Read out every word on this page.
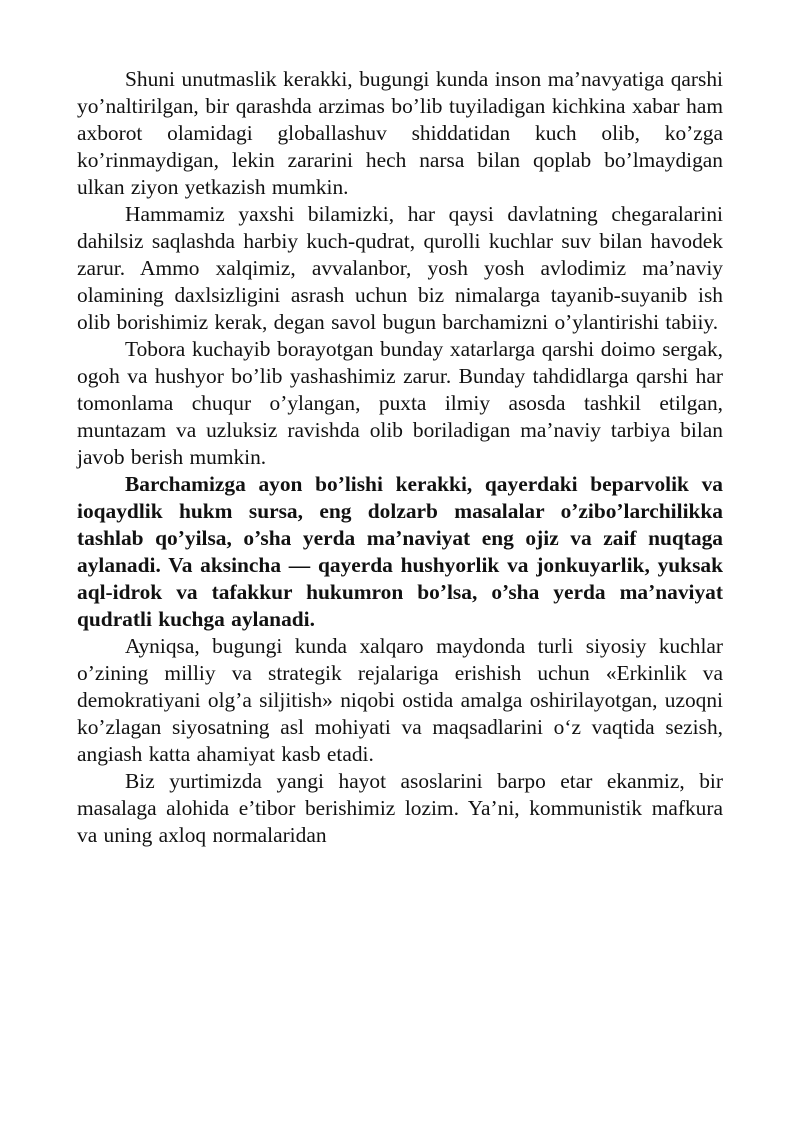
Shuni unutmaslik kerakki, bugungi kunda inson ma’navyatiga qarshi yo’naltirilgan, bir qarashda arzimas bo’lib tuyiladigan kichkina xabar ham axborot olamidagi globallashuv shiddatidan kuch olib, ko’zga ko’rinmaydigan, lekin zararini hech narsa bilan qoplab bo’lmaydigan ulkan ziyon yetkazish mumkin.

Hammamiz yaxshi bilamizki, har qaysi davlatning chegaralarini dahilsiz saqlashda harbiy kuch-qudrat, qurolli kuchlar suv bilan havodek zarur. Ammo xalqimiz, avvalanbor, yosh yosh avlodimiz ma’naviy olamining daxlsizligini asrash uchun biz nimalarga tayanib-suyanib ish olib borishimiz kerak, degan savol bugun barchamizni o’ylantirishi tabiiy.

Tobora kuchayib borayotgan bunday xatarlarga qarshi doimo sergak, ogoh va hushyor bo’lib yashashimiz zarur. Bunday tahdidlarga qarshi har tomonlama chuqur o’ylangan, puxta ilmiy asosda tashkil etilgan, muntazam va uzluksiz ravishda olib boriladigan ma’naviy tarbiya bilan javob berish mumkin.

Barchamizga ayon bo’lishi kerakki, qayerdaki beparvolik va ioqaydlik hukm sursa, eng dolzarb masalalar o’zibo’larchilikka tashlab qo’yilsa, o’sha yerda ma’naviyat eng ojiz va zaif nuqtaga aylanadi. Va aksincha — qayerda hushyorlik va jonkuyarlik, yuksak aql-idrok va tafakkur hukumron bo’lsa, o’sha yerda ma’naviyat qudratli kuchga aylanadi.

Ayniqsa, bugungi kunda xalqaro maydonda turli siyosiy kuchlar o’zining milliy va strategik rejalariga erishish uchun «Erkinlik va demokratiyani olg’a siljitish» niqobi ostida amalga oshirilayotgan, uzoqni ko’zlagan siyosatning asl mohiyati va maqsadlarini o‘z vaqtida sezish, angiash katta ahamiyat kasb etadi.

Biz yurtimizda yangi hayot asoslarini barpo etar ekanmiz, bir masalaga alohida e’tibor berishimiz lozim. Ya’ni, kommunistik mafkura va uning axloq normalaridan
